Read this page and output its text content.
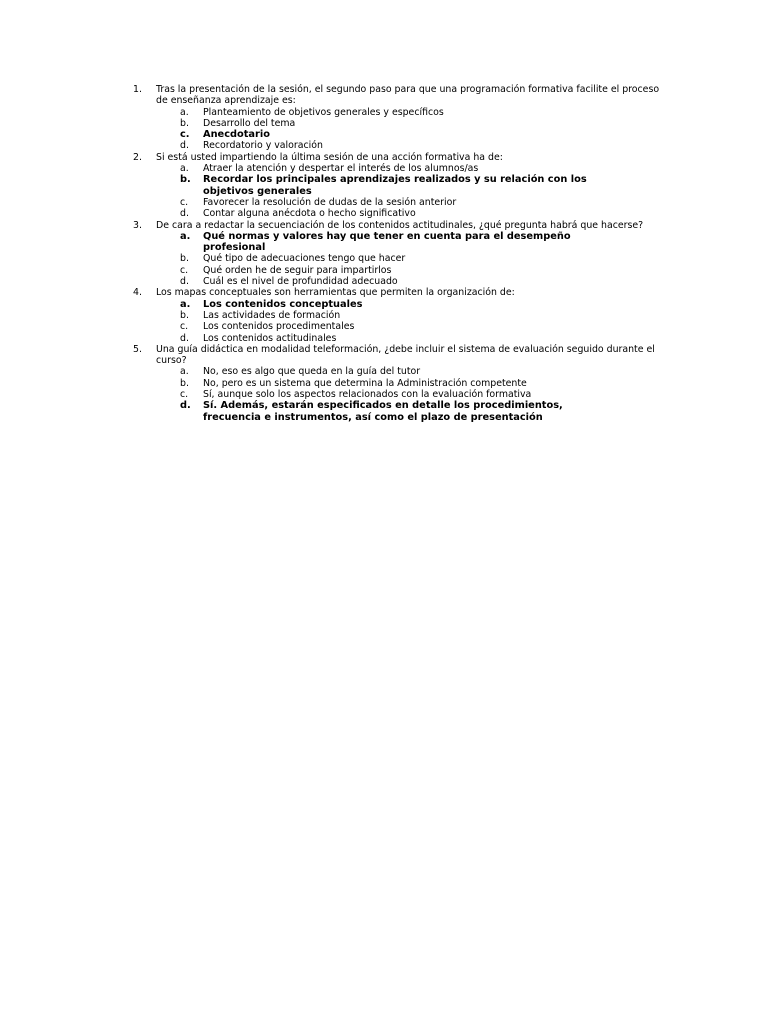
1. Tras la presentación de la sesión, el segundo paso para que una programación formativa facilite el proceso de enseñanza aprendizaje es:
a. Planteamiento de objetivos generales y específicos
b. Desarrollo del tema
c. Anecdotario
d. Recordatorio y valoración
2. Si está usted impartiendo la última sesión de una acción formativa ha de:
a. Atraer la atención y despertar el interés de los alumnos/as
b. Recordar los principales aprendizajes realizados y su relación con los objetivos generales
c. Favorecer la resolución de dudas de la sesión anterior
d. Contar alguna anécdota o hecho significativo
3. De cara a redactar la secuenciación de los contenidos actitudinales, ¿qué pregunta habrá que hacerse?
a. Qué normas y valores hay que tener en cuenta para el desempeño profesional
b. Qué tipo de adecuaciones tengo que hacer
c. Qué orden he de seguir para impartirlos
d. Cuál es el nivel de profundidad adecuado
4. Los mapas conceptuales son herramientas que permiten la organización de:
a. Los contenidos conceptuales
b. Las actividades de formación
c. Los contenidos procedimentales
d. Los contenidos actitudinales
5. Una guía didáctica en modalidad teleformación, ¿debe incluir el sistema de evaluación seguido durante el curso?
a. No, eso es algo que queda en la guía del tutor
b. No, pero es un sistema que determina la Administración competente
c. Sí, aunque solo los aspectos relacionados con la evaluación formativa
d. Sí. Además, estarán especificados en detalle los procedimientos, frecuencia e instrumentos, así como el plazo de presentación
